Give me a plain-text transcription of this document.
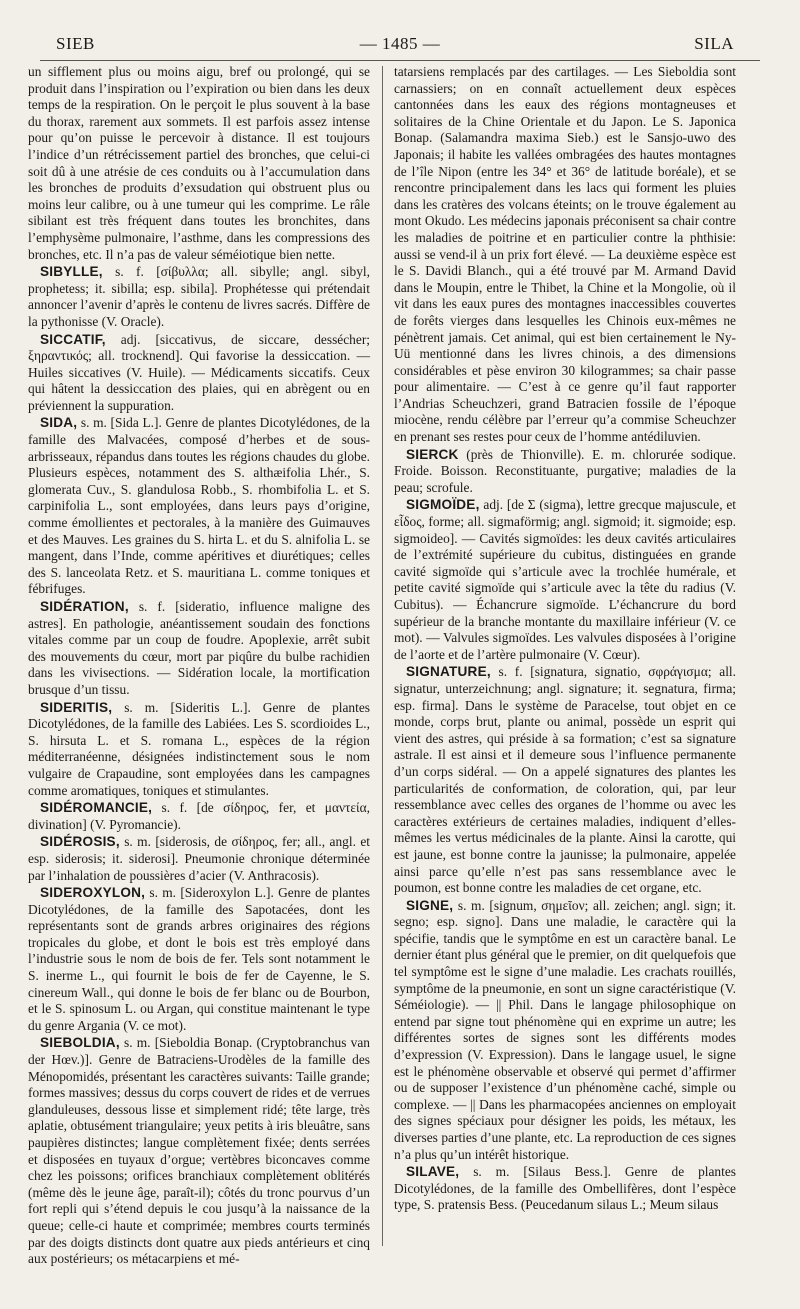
SIEB	— 1485 —	SILA

un sifflement plus ou moins aigu, bref ou prolongé, qui se produit dans l’inspiration ou l’expiration ou bien dans les deux temps de la respiration. On le perçoit le plus souvent à la base du thorax, rarement aux sommets. Il est parfois assez intense pour qu’on puisse le percevoir à distance. Il est toujours l’indice d’un rétrécissement partiel des bronches, que celui-ci soit dû à une atrésie de ces conduits ou à l’accumulation dans les bronches de produits d’exsudation qui obstruent plus ou moins leur calibre, ou à une tumeur qui les comprime. Le râle sibilant est très fréquent dans toutes les bronchites, dans l’emphysème pulmonaire, l’asthme, dans les compressions des bronches, etc. Il n’a pas de valeur séméiotique bien nette.

SIBYLLE, s. f. [σίβυλλα; all. sibylle; angl. sibyl, prophetess; it. sibilla; esp. sibila]. Prophétesse qui prétendait annoncer l’avenir d’après le contenu de livres sacrés. Diffère de la pythonisse (V. Oracle).

SICCATIF, adj. [siccativus, de siccare, dessécher; ξηραντικός; all. trocknend]. Qui favorise la dessiccation. — Huiles siccatives (V. Huile). — Médicaments siccatifs. Ceux qui hâtent la dessiccation des plaies, qui en abrègent ou en préviennent la suppuration.

SIDA, s. m. [Sida L.]. Genre de plantes Dicotylédones, de la famille des Malvacées, composé d’herbes et de sous-arbrisseaux, répandus dans toutes les régions chaudes du globe. Plusieurs espèces, notamment des S. althæifolia Lhér., S. glomerata Cuv., S. glandulosa Robb., S. rhombifolia L. et S. carpinifolia L., sont employées, dans leurs pays d’origine, comme émollientes et pectorales, à la manière des Guimauves et des Mauves. Les graines du S. hirta L. et du S. alnifolia L. se mangent, dans l’Inde, comme apéritives et diurétiques; celles des S. lanceolata Retz. et S. mauritiana L. comme toniques et fébrifuges.

SIDÉRATION, s. f. [sideratio, influence maligne des astres]. En pathologie, anéantissement soudain des fonctions vitales comme par un coup de foudre. Apoplexie, arrêt subit des mouvements du cœur, mort par piqûre du bulbe rachidien dans les vivisections. — Sidération locale, la mortification brusque d’un tissu.

SIDERITIS, s. m. [Sideritis L.]. Genre de plantes Dicotylédones, de la famille des Labiées. Les S. scordioides L., S. hirsuta L. et S. romana L., espèces de la région méditerranéenne, désignées indistinctement sous le nom vulgaire de Crapaudine, sont employées dans les campagnes comme aromatiques, toniques et stimulantes.

SIDÉROMANCIE, s. f. [de σίδηρος, fer, et μαντεία, divination] (V. Pyromancie).

SIDÉROSIS, s. m. [siderosis, de σίδηρος, fer; all., angl. et esp. siderosis; it. siderosi]. Pneumonie chronique déterminée par l’inhalation de poussières d’acier (V. Anthracosis).

SIDEROXYLON, s. m. [Sideroxylon L.]. Genre de plantes Dicotylédones, de la famille des Sapotacées, dont les représentants sont de grands arbres originaires des régions tropicales du globe, et dont le bois est très employé dans l’industrie sous le nom de bois de fer. Tels sont notamment le S. inerme L., qui fournit le bois de fer de Cayenne, le S. cinereum Wall., qui donne le bois de fer blanc ou de Bourbon, et le S. spinosum L. ou Argan, qui constitue maintenant le type du genre Argania (V. ce mot).

SIEBOLDIA, s. m. [Sieboldia Bonap. (Cryptobranchus van der Hœv.)]. Genre de Batraciens-Urodèles de la famille des Ménopomidés, présentant les caractères suivants: Taille grande; formes massives; dessus du corps couvert de rides et de verrues glanduleuses, dessous lisse et simplement ridé; tête large, très aplatie, obtusément triangulaire; yeux petits à iris bleuâtre, sans paupières distinctes; langue complètement fixée; dents serrées et disposées en tuyaux d’orgue; vertèbres biconcaves comme chez les poissons; orifices branchiaux complètement oblitérés (même dès le jeune âge, paraît-il); côtés du tronc pourvus d’un fort repli qui s’étend depuis le cou jusqu’à la naissance de la queue; celle-ci haute et comprimée; membres courts terminés par des doigts distincts dont quatre aux pieds antérieurs et cinq aux postérieurs; os métacarpiens et mé-

tatarsiens remplacés par des cartilages. — Les Sieboldia sont carnassiers; on en connaît actuellement deux espèces cantonnées dans les eaux des régions montagneuses et solitaires de la Chine Orientale et du Japon. Le S. Japonica Bonap. (Salamandra maxima Sieb.) est le Sansjo-uwo des Japonais; il habite les vallées ombragées des hautes montagnes de l’île Nipon (entre les 34° et 36° de latitude boréale), et se rencontre principalement dans les lacs qui forment les pluies dans les cratères des volcans éteints; on le trouve également au mont Okudo. Les médecins japonais préconisent sa chair contre les maladies de poitrine et en particulier contre la phthisie: aussi se vend-il à un prix fort élevé. — La deuxième espèce est le S. Davidi Blanch., qui a été trouvé par M. Armand David dans le Moupin, entre le Thibet, la Chine et la Mongolie, où il vit dans les eaux pures des montagnes inaccessibles couvertes de forêts vierges dans lesquelles les Chinois eux-mêmes ne pénètrent jamais. Cet animal, qui est bien certainement le Ny-Uü mentionné dans les livres chinois, a des dimensions considérables et pèse environ 30 kilogrammes; sa chair passe pour alimentaire. — C’est à ce genre qu’il faut rapporter l’Andrias Scheuchzeri, grand Batracien fossile de l’époque miocène, rendu célèbre par l’erreur qu’a commise Scheuchzer en prenant ses restes pour ceux de l’homme antédiluvien.

SIERCK (près de Thionville). E. m. chlorurée sodique. Froide. Boisson. Reconstituante, purgative; maladies de la peau; scrofule.

SIGMOÏDE, adj. [de Σ (sigma), lettre grecque majuscule, et εἶδος, forme; all. sigmaförmig; angl. sigmoid; it. sigmoide; esp. sigmoideo]. — Cavités sigmoïdes: les deux cavités articulaires de l’extrémité supérieure du cubitus, distinguées en grande cavité sigmoïde qui s’articule avec la trochlée humérale, et petite cavité sigmoïde qui s’articule avec la tête du radius (V. Cubitus). — Échancrure sigmoïde. L’échancrure du bord supérieur de la branche montante du maxillaire inférieur (V. ce mot). — Valvules sigmoïdes. Les valvules disposées à l’origine de l’aorte et de l’artère pulmonaire (V. Cœur).

SIGNATURE, s. f. [signatura, signatio, σφράγισμα; all. signatur, unterzeichnung; angl. signature; it. segnatura, firma; esp. firma]. Dans le système de Paracelse, tout objet en ce monde, corps brut, plante ou animal, possède un esprit qui vient des astres, qui préside à sa formation; c’est sa signature astrale. Il est ainsi et il demeure sous l’influence permanente d’un corps sidéral. — On a appelé signatures des plantes les particularités de conformation, de coloration, qui, par leur ressemblance avec celles des organes de l’homme ou avec les caractères extérieurs de certaines maladies, indiquent d’elles-mêmes les vertus médicinales de la plante. Ainsi la carotte, qui est jaune, est bonne contre la jaunisse; la pulmonaire, appelée ainsi parce qu’elle n’est pas sans ressemblance avec le poumon, est bonne contre les maladies de cet organe, etc.

SIGNE, s. m. [signum, σημεῖον; all. zeichen; angl. sign; it. segno; esp. signo]. Dans une maladie, le caractère qui la spécifie, tandis que le symptôme en est un caractère banal. Le dernier étant plus général que le premier, on dit quelquefois que tel symptôme est le signe d’une maladie. Les crachats rouillés, symptôme de la pneumonie, en sont un signe caractéristique (V. Séméiologie). — || Phil. Dans le langage philosophique on entend par signe tout phénomène qui en exprime un autre; les différentes sortes de signes sont les différents modes d’expression (V. Expression). Dans le langage usuel, le signe est le phénomène observable et observé qui permet d’affirmer ou de supposer l’existence d’un phénomène caché, simple ou complexe. — || Dans les pharmacopées anciennes on employait des signes spéciaux pour désigner les poids, les métaux, les diverses parties d’une plante, etc. La reproduction de ces signes n’a plus qu’un intérêt historique.

SILAVE, s. m. [Silaus Bess.]. Genre de plantes Dicotylédones, de la famille des Ombellifères, dont l’espèce type, S. pratensis Bess. (Peucedanum silaus L.; Meum silaus
